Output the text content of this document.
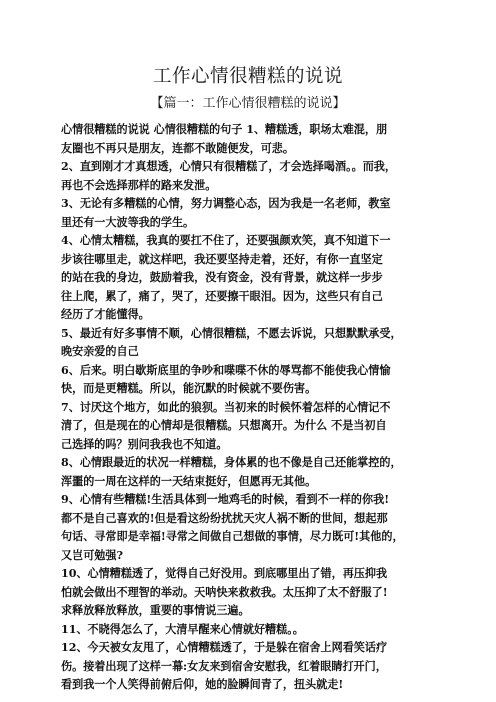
工作心情很糟糕的说说
【篇一：工作心情很糟糕的说说】
心情很糟糕的说说 心情很糟糕的句子 1、糟糕透，职场太难混，朋
友圈也不再只是朋友，连都不敢随便发，可悲。
2、直到刚才才真想透，心情只有很糟糕了，才会选择喝酒。。而我，
再也不会选择那样的路来发泄。
3、无论有多糟糕的心情，努力调整心态，因为我是一名老师，教室
里还有一大波等我的学生。
4、心情太糟糕，我真的要扛不住了，还要强颜欢笑，真不知道下一
步该往哪里走，就这样吧，我还要坚持走着，还好，有你一直坚定
的站在我的身边，鼓励着我，没有资金，没有背景，就这样一步步
往上爬，累了，痛了，哭了，还要擦干眼泪。因为，这些只有自己
经历了才能懂得。
5、最近有好多事情不顺，心情很糟糕，不愿去诉说，只想默默承受，
晚安亲爱的自己
6、后来。明白歇斯底里的争吵和喋喋不休的辱骂都不能使我心情愉
快，而是更糟糕。所以，能沉默的时候就不要伤害。
7、讨厌这个地方，如此的狼狈。当初来的时候怀着怎样的心情记不
清了，但是现在的心情却是很糟糕。只想离开。为什么 不是当初自
己选择的吗？别问我我也不知道。
8、心情跟最近的状况一样糟糕，身体累的也不像是自己还能掌控的，
浑噩的一周在这样的一天结束挺好，但愿再无其他。
9、心情有些糟糕!生活具体到一地鸡毛的时候，看到不一样的你我!
都不是自己喜欢的!但是看这纷纷扰扰天灾人祸不断的世间，想起那
句话、寻常即是幸福!寻常之间做自己想做的事情，尽力既可!其他的，
又岂可勉强?
10、心情糟糕透了，觉得自己好没用。到底哪里出了错，再压抑我
怕就会做出不理智的举动。天呐快来救救我。太压抑了太不舒服了!
求释放释放释放，重要的事情说三遍。
11、不晓得怎么了，大清早醒来心情就好糟糕。。
12、今天被女友甩了，心情糟糕透了，于是躲在宿舍上网看笑话疗
伤。接着出现了这样一幕:女友来到宿舍安慰我，红着眼睛打开门，
看到我一个人笑得前俯后仰，她的脸瞬间青了，扭头就走!
